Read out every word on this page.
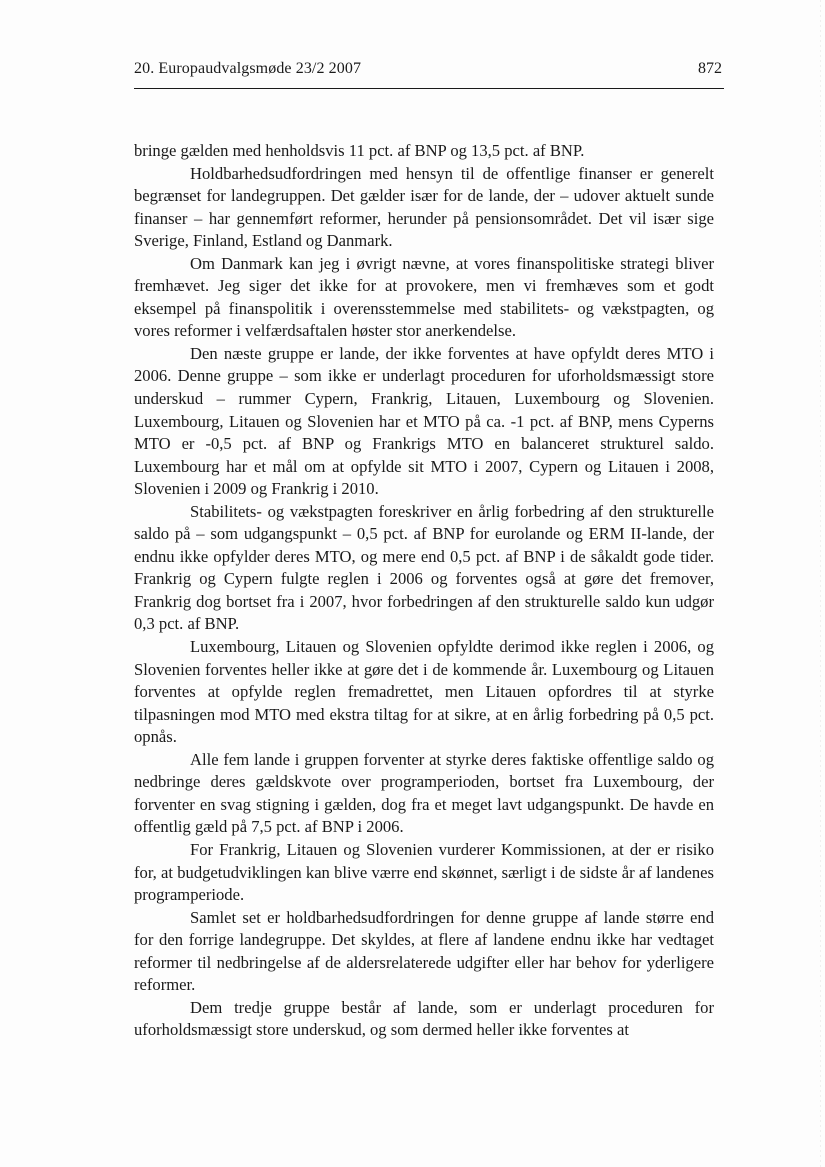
20. Europaudvalgsmøde 23/2 2007	872

bringe gælden med henholdsvis 11 pct. af BNP og 13,5 pct. af BNP.

Holdbarhedsudfordringen med hensyn til de offentlige finanser er generelt begrænset for landegruppen. Det gælder især for de lande, der – udover aktuelt sunde finanser – har gennemført reformer, herunder på pensionsområdet. Det vil især sige Sverige, Finland, Estland og Danmark.

Om Danmark kan jeg i øvrigt nævne, at vores finanspolitiske strategi bliver fremhævet. Jeg siger det ikke for at provokere, men vi fremhæves som et godt eksempel på finanspolitik i overensstemmelse med stabilitets- og vækstpagten, og vores reformer i velfærdsaftalen høster stor anerkendelse.

Den næste gruppe er lande, der ikke forventes at have opfyldt deres MTO i 2006. Denne gruppe – som ikke er underlagt proceduren for uforholdsmæssigt store underskud – rummer Cypern, Frankrig, Litauen, Luxembourg og Slovenien. Luxembourg, Litauen og Slovenien har et MTO på ca. -1 pct. af BNP, mens Cyperns MTO er -0,5 pct. af BNP og Frankrigs MTO en balanceret strukturel saldo. Luxembourg har et mål om at opfylde sit MTO i 2007, Cypern og Litauen i 2008, Slovenien i 2009 og Frankrig i 2010.

Stabilitets- og vækstpagten foreskriver en årlig forbedring af den strukturelle saldo på – som udgangspunkt – 0,5 pct. af BNP for eurolande og ERM II-lande, der endnu ikke opfylder deres MTO, og mere end 0,5 pct. af BNP i de såkaldt gode tider. Frankrig og Cypern fulgte reglen i 2006 og forventes også at gøre det fremover, Frankrig dog bortset fra i 2007, hvor forbedringen af den strukturelle saldo kun udgør 0,3 pct. af BNP.

Luxembourg, Litauen og Slovenien opfyldte derimod ikke reglen i 2006, og Slovenien forventes heller ikke at gøre det i de kommende år. Luxembourg og Litauen forventes at opfylde reglen fremadrettet, men Litauen opfordres til at styrke tilpasningen mod MTO med ekstra tiltag for at sikre, at en årlig forbedring på 0,5 pct. opnås.

Alle fem lande i gruppen forventer at styrke deres faktiske offentlige saldo og nedbringe deres gældskvote over programperioden, bortset fra Luxembourg, der forventer en svag stigning i gælden, dog fra et meget lavt udgangspunkt. De havde en offentlig gæld på 7,5 pct. af BNP i 2006.

For Frankrig, Litauen og Slovenien vurderer Kommissionen, at der er risiko for, at budgetudviklingen kan blive værre end skønnet, særligt i de sidste år af landenes programperiode.

Samlet set er holdbarhedsudfordringen for denne gruppe af lande større end for den forrige landegruppe. Det skyldes, at flere af landene endnu ikke har vedtaget reformer til nedbringelse af de aldersrelaterede udgifter eller har behov for yderligere reformer.

Dem tredje gruppe består af lande, som er underlagt proceduren for uforholdsmæssigt store underskud, og som dermed heller ikke forventes at
